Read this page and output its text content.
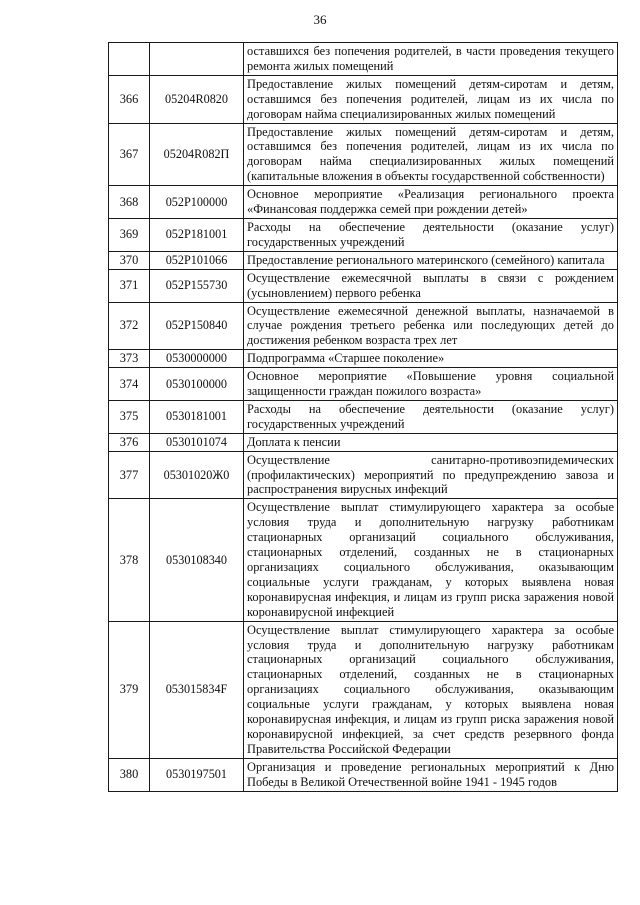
36
		оставшихся без попечения родителей, в части проведения текущего ремонта жилых помещений
366	05204R0820	Предоставление жилых помещений детям-сиротам и детям, оставшимся без попечения родителей, лицам из их числа по договорам найма специализированных жилых помещений
367	05204R082П	Предоставление жилых помещений детям-сиротам и детям, оставшимся без попечения родителей, лицам из их числа по договорам найма специализированных жилых помещений (капитальные вложения в объекты государственной собственности)
368	052P100000	Основное мероприятие «Реализация регионального проекта «Финансовая поддержка семей при рождении детей»
369	052P181001	Расходы на обеспечение деятельности (оказание услуг) государственных учреждений
370	052P101066	Предоставление регионального материнского (семейного) капитала
371	052P155730	Осуществление ежемесячной выплаты в связи с рождением (усыновлением) первого ребенка
372	052P150840	Осуществление ежемесячной денежной выплаты, назначаемой в случае рождения третьего ребенка или последующих детей до достижения ребенком возраста трех лет
373	0530000000	Подпрограмма «Старшее поколение»
374	0530100000	Основное мероприятие «Повышение уровня социальной защищенности граждан пожилого возраста»
375	0530181001	Расходы на обеспечение деятельности (оказание услуг) государственных учреждений
376	0530101074	Доплата к пенсии
377	05301020Ж0	Осуществление санитарно-противоэпидемических (профилактических) мероприятий по предупреждению завоза и распространения вирусных инфекций
378	0530108340	Осуществление выплат стимулирующего характера за особые условия труда и дополнительную нагрузку работникам стационарных организаций социального обслуживания, стационарных отделений, созданных не в стационарных организациях социального обслуживания, оказывающим социальные услуги гражданам, у которых выявлена новая коронавирусная инфекция, и лицам из групп риска заражения новой коронавирусной инфекцией
379	053015834F	Осуществление выплат стимулирующего характера за особые условия труда и дополнительную нагрузку работникам стационарных организаций социального обслуживания, стационарных отделений, созданных не в стационарных организациях социального обслуживания, оказывающим социальные услуги гражданам, у которых выявлена новая коронавирусная инфекция, и лицам из групп риска заражения новой коронавирусной инфекцией, за счет средств резервного фонда Правительства Российской Федерации
380	0530197501	Организация и проведение региональных мероприятий к Дню Победы в Великой Отечественной войне 1941 - 1945 годов
